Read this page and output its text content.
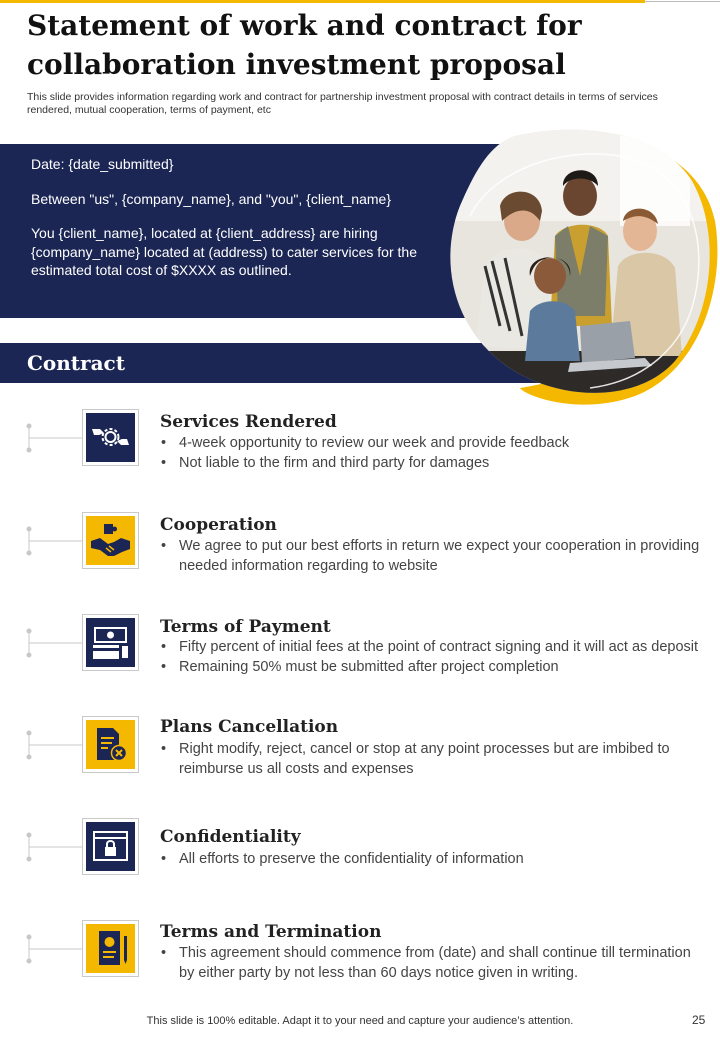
Statement of work and contract for collaboration investment proposal

This slide provides information regarding work and contract for partnership investment proposal with contract details in terms of services rendered, mutual cooperation, terms of payment, etc

Date: {date_submitted}

Between "us", {company_name}, and "you", {client_name}

You {client_name}, located at {client_address} are hiring {company_name} located at (address) to cater services for the estimated total cost of $XXXX as outlined.

Contract
Services Rendered
• 4-week opportunity to review our week and provide feedback
• Not liable to the firm and third party for damages
Cooperation
• We agree to put our best efforts in return we expect your cooperation in providing needed information regarding to website
Terms of Payment
• Fifty percent of initial fees at the point of contract signing and it will act as deposit
• Remaining 50% must be submitted after project completion
Plans Cancellation
• Right modify, reject, cancel or stop at any point processes but are imbibed to reimburse us all costs and expenses
Confidentiality
• All efforts to preserve the confidentiality of information
Terms and Termination
• This agreement should commence from (date) and shall continue till termination by either party by not less than 60 days notice given in writing.
This slide is 100% editable. Adapt it to your need and capture your audience’s attention.	25
